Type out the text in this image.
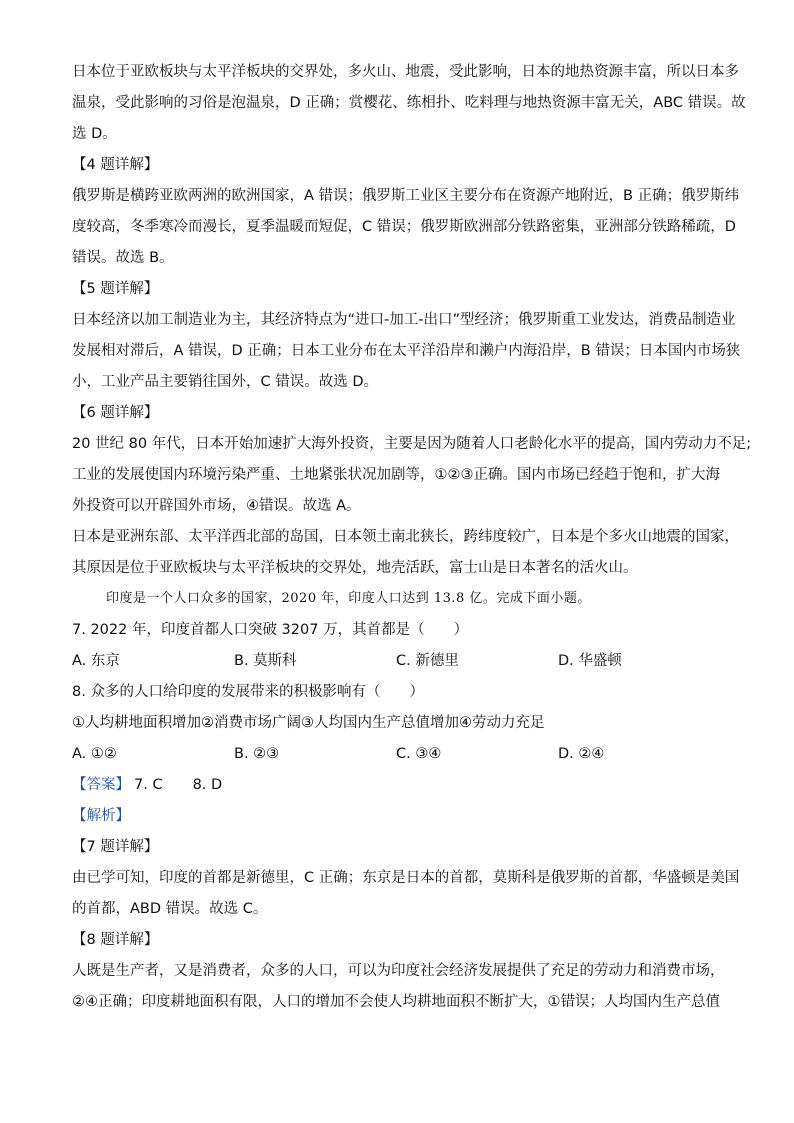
日本位于亚欧板块与太平洋板块的交界处，多火山、地震，受此影响，日本的地热资源丰富，所以日本多

温泉，受此影响的习俗是泡温泉，D 正确；赏樱花、练相扑、吃料理与地热资源丰富无关，ABC 错误。故

选 D。

【4 题详解】

俄罗斯是横跨亚欧两洲的欧洲国家，A 错误；俄罗斯工业区主要分布在资源产地附近，B 正确；俄罗斯纬

度较高，冬季寒冷而漫长，夏季温暖而短促，C 错误；俄罗斯欧洲部分铁路密集，亚洲部分铁路稀疏，D

错误。故选 B。

【5 题详解】

日本经济以加工制造业为主，其经济特点为“进口-加工-出口”型经济；俄罗斯重工业发达，消费品制造业

发展相对滞后，A 错误，D 正确；日本工业分布在太平洋沿岸和濑户内海沿岸，B 错误；日本国内市场狭

小，工业产品主要销往国外，C 错误。故选 D。

【6 题详解】

20 世纪 80 年代，日本开始加速扩大海外投资，主要是因为随着人口老龄化水平的提高，国内劳动力不足;

工业的发展使国内环境污染严重、土地紧张状况加剧等，①②③正确。国内市场已经趋于饱和，扩大海

外投资可以开辟国外市场，④错误。故选 A。

日本是亚洲东部、太平洋西北部的岛国，日本领土南北狭长，跨纬度较广，日本是个多火山地震的国家，

其原因是位于亚欧板块与太平洋板块的交界处，地壳活跃，富士山是日本著名的活火山。

印度是一个人口众多的国家，2020 年，印度人口达到 13.8 亿。完成下面小题。

7. 2022 年，印度首都人口突破 3207 万，其首都是（　　）

A. 东京	B. 莫斯科	C. 新德里	D. 华盛顿

8. 众多的人口给印度的发展带来的积极影响有（　　）

①人均耕地面积增加②消费市场广阔③人均国内生产总值增加④劳动力充足

A. ①②	B. ②③	C. ③④	D. ②④

【答案】 7. C 8. D

【解析】

【7 题详解】

由已学可知，印度的首都是新德里，C 正确；东京是日本的首都，莫斯科是俄罗斯的首都，华盛顿是美国

的首都，ABD 错误。故选 C。

【8 题详解】

人既是生产者，又是消费者，众多的人口，可以为印度社会经济发展提供了充足的劳动力和消费市场，

②④正确；印度耕地面积有限，人口的增加不会使人均耕地面积不断扩大，①错误；人均国内生产总值
